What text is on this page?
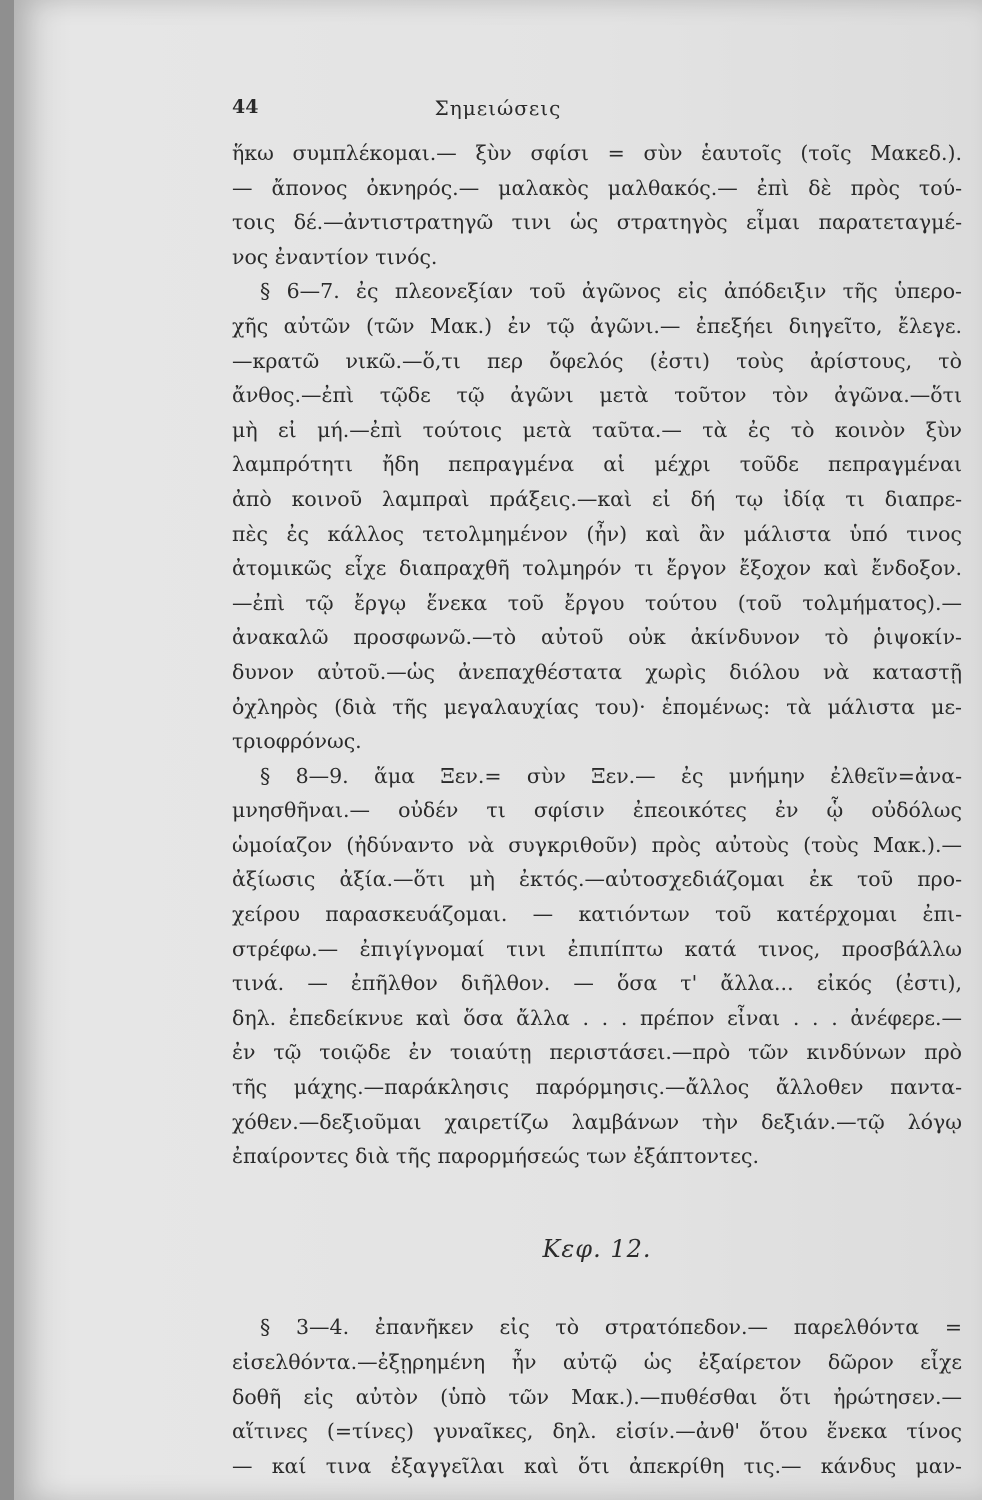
44	Σημειώσεις
ἥκω συμπλέκομαι.— ξὺν σφίσι = σὺν ἑαυτοῖς (τοῖς Μακεδ.).
— ἄπονος ὀκνηρός.— μαλακὸς μαλθακός.— ἐπὶ δὲ πρὸς τού-
τοις δέ.—ἀντιστρατηγῶ τινι ὡς στρατηγὸς εἶμαι παρατεταγμέ-
νος ἐναντίον τινός.
§ 6—7. ἐς πλεονεξίαν τοῦ ἀγῶνος εἰς ἀπόδειξιν τῆς ὑπερο-
χῆς αὐτῶν (τῶν Μακ.) ἐν τῷ ἀγῶνι.— ἐπεξήει διηγεῖτο, ἔλεγε.
—κρατῶ νικῶ.—ὅ,τι περ ὄφελός (ἐστι) τοὺς ἀρίστους, τὸ
ἄνθος.—ἐπὶ τῷδε τῷ ἀγῶνι μετὰ τοῦτον τὸν ἀγῶνα.—ὅτι
μὴ εἰ μή.—ἐπὶ τούτοις μετὰ ταῦτα.— τὰ ἐς τὸ κοινὸν ξὺν
λαμπρότητι ἤδη πεπραγμένα αἱ μέχρι τοῦδε πεπραγμέναι
ἀπὸ κοινοῦ λαμπραὶ πράξεις.—καὶ εἰ δή τῳ ἰδίᾳ τι διαπρε-
πὲς ἐς κάλλος τετολμημένον (ἦν) καὶ ἂν μάλιστα ὑπό τινος
ἀτομικῶς εἶχε διαπραχθῆ τολμηρόν τι ἔργον ἔξοχον καὶ ἔνδοξον.
—ἐπὶ τῷ ἔργῳ ἕνεκα τοῦ ἔργου τούτου (τοῦ τολμήματος).—
ἀνακαλῶ προσφωνῶ.—τὸ αὐτοῦ οὐκ ἀκίνδυνον τὸ ῥιψοκίν-
δυνον αὐτοῦ.—ὡς ἀνεπαχθέστατα χωρὶς διόλου νὰ καταστῇ
ὀχληρὸς (διὰ τῆς μεγαλαυχίας του)· ἑπομένως: τὰ μάλιστα με-
τριοφρόνως.
§ 8—9. ἅμα Ξεν.= σὺν Ξεν.— ἐς μνήμην ἐλθεῖν=ἀνα-
μνησθῆναι.— οὐδέν τι σφίσιν ἐπεοικότες ἐν ᾧ οὐδόλως
ὡμοίαζον (ἠδύναντο νὰ συγκριθοῦν) πρὸς αὐτοὺς (τοὺς Μακ.).—
ἀξίωσις ἀξία.—ὅτι μὴ ἐκτός.—αὐτοσχεδιάζομαι ἐκ τοῦ προ-
χείρου παρασκευάζομαι. — κατιόντων τοῦ κατέρχομαι ἐπι-
στρέφω.— ἐπιγίγνομαί τινι ἐπιπίπτω κατά τινος, προσβάλλω
τινά. — ἐπῆλθον διῆλθον. — ὅσα τ' ἄλλα... εἰκός (ἐστι),
δηλ. ἐπεδείκνυε καὶ ὅσα ἄλλα . . . πρέπον εἶναι . . . ἀνέφερε.—
ἐν τῷ τοιῷδε ἐν τοιαύτῃ περιστάσει.—πρὸ τῶν κινδύνων πρὸ
τῆς μάχης.—παράκλησις παρόρμησις.—ἄλλος ἄλλοθεν παντα-
χόθεν.—δεξιοῦμαι χαιρετίζω λαμβάνων τὴν δεξιάν.—τῷ λόγῳ
ἐπαίροντες διὰ τῆς παρορμήσεώς των ἐξάπτοντες.
Κεφ. 12.
§ 3—4. ἐπανῆκεν εἰς τὸ στρατόπεδον.— παρελθόντα =
εἰσελθόντα.—ἐξῃρημένη ἦν αὐτῷ ὡς ἐξαίρετον δῶρον εἶχε
δοθῆ εἰς αὐτὸν (ὑπὸ τῶν Μακ.).—πυθέσθαι ὅτι ἠρώτησεν.—
αἵτινες (=τίνες) γυναῖκες, δηλ. εἰσίν.—ἀνθ' ὅτου ἕνεκα τίνος
— καί τινα ἐξαγγεῖλαι καὶ ὅτι ἀπεκρίθη τις.— κάνδυς μαν-
